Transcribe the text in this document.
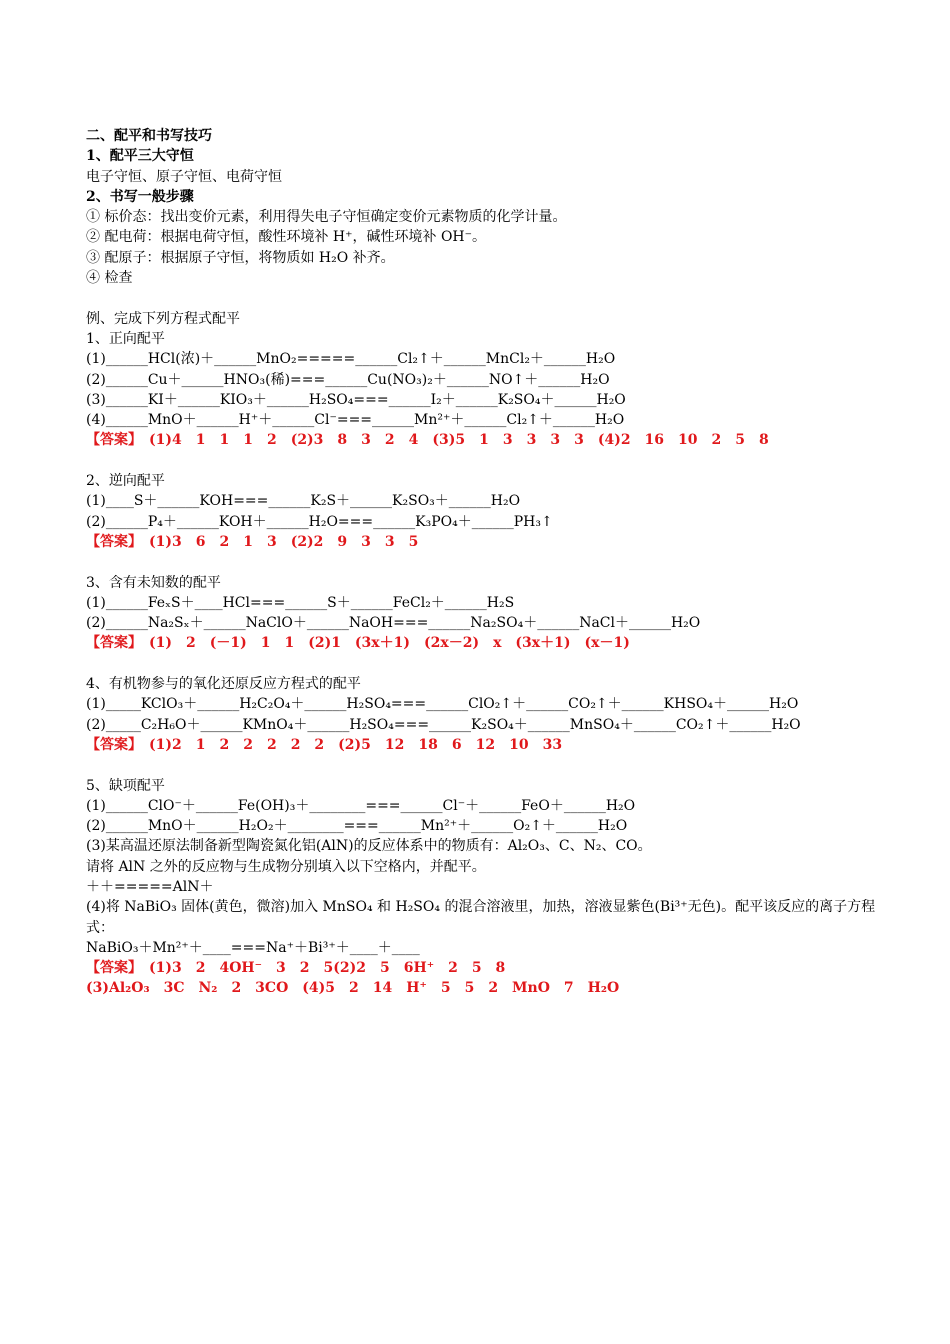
二、配平和书写技巧
1、配平三大守恒
电子守恒、原子守恒、电荷守恒
2、书写一般步骤
① 标价态：找出变价元素，利用得失电子守恒确定变价元素物质的化学计量。
② 配电荷：根据电荷守恒，酸性环境补 H⁺，碱性环境补 OH⁻。
③ 配原子：根据原子守恒，将物质如 H₂O 补齐。
④ 检查
例、完成下列方程式配平
1、正向配平
(1)______HCl(浓)＋______MnO₂=====______Cl₂↑＋______MnCl₂＋______H₂O
(2)______Cu＋______HNO₃(稀)===______Cu(NO₃)₂＋______NO↑＋______H₂O
(3)______KI＋______KIO₃＋______H₂SO₄===______I₂＋______K₂SO₄＋______H₂O
(4)______MnO＋______H⁺＋______Cl⁻===______Mn²⁺＋______Cl₂↑＋______H₂O
【答案】　(1)4　1　1　1　2　(2)3　8　3　2　4　(3)5　1　3　3　3　3　(4)2　16　10　2　5　8
2、逆向配平
(1)____S＋______KOH===______K₂S＋______K₂SO₃＋______H₂O
(2)______P₄＋______KOH＋______H₂O===______K₃PO₄＋______PH₃↑
【答案】　(1)3　6　2　1　3　(2)2　9　3　3　5
3、含有未知数的配平
(1)______FeₓS＋____HCl===______S＋______FeCl₂＋______H₂S
(2)______Na₂Sₓ＋______NaClO＋______NaOH===______Na₂SO₄＋______NaCl＋______H₂O
【答案】　(1)　2　(－1)　1　1　(2)1　(3x＋1)　(2x－2)　x　(3x＋1)　(x－1)
4、有机物参与的氧化还原反应方程式的配平
(1)_____KClO₃＋______H₂C₂O₄＋______H₂SO₄===______ClO₂↑＋______CO₂↑＋______KHSO₄＋______H₂O
(2)_____C₂H₆O＋______KMnO₄＋______H₂SO₄===______K₂SO₄＋______MnSO₄＋______CO₂↑＋______H₂O
【答案】　(1)2　1　2　2　2　2　2　(2)5　12　18　6　12　10　33
5、缺项配平
(1)______ClO⁻＋______Fe(OH)₃＋________===______Cl⁻＋______FeO＋______H₂O
(2)______MnO＋______H₂O₂＋________===______Mn²⁺＋______O₂↑＋______H₂O
(3)某高温还原法制备新型陶瓷氮化铝(AlN)的反应体系中的物质有：Al₂O₃、C、N₂、CO。
请将 AlN 之外的反应物与生成物分别填入以下空格内，并配平。
＋＋=====AlN＋
(4)将 NaBiO₃ 固体(黄色，微溶)加入 MnSO₄ 和 H₂SO₄ 的混合溶液里，加热，溶液显紫色(Bi³⁺无色)。配平该反应的离子方程式：
NaBiO₃＋Mn²⁺＋____===Na⁺＋Bi³⁺＋____＋____
【答案】　(1)3　2　4OH⁻　3　2　5(2)2　5　6H⁺　2　5　8
(3)Al₂O₃　3C　N₂　2　3CO　(4)5　2　14　H⁺　5　5　2　MnO　7　H₂O
